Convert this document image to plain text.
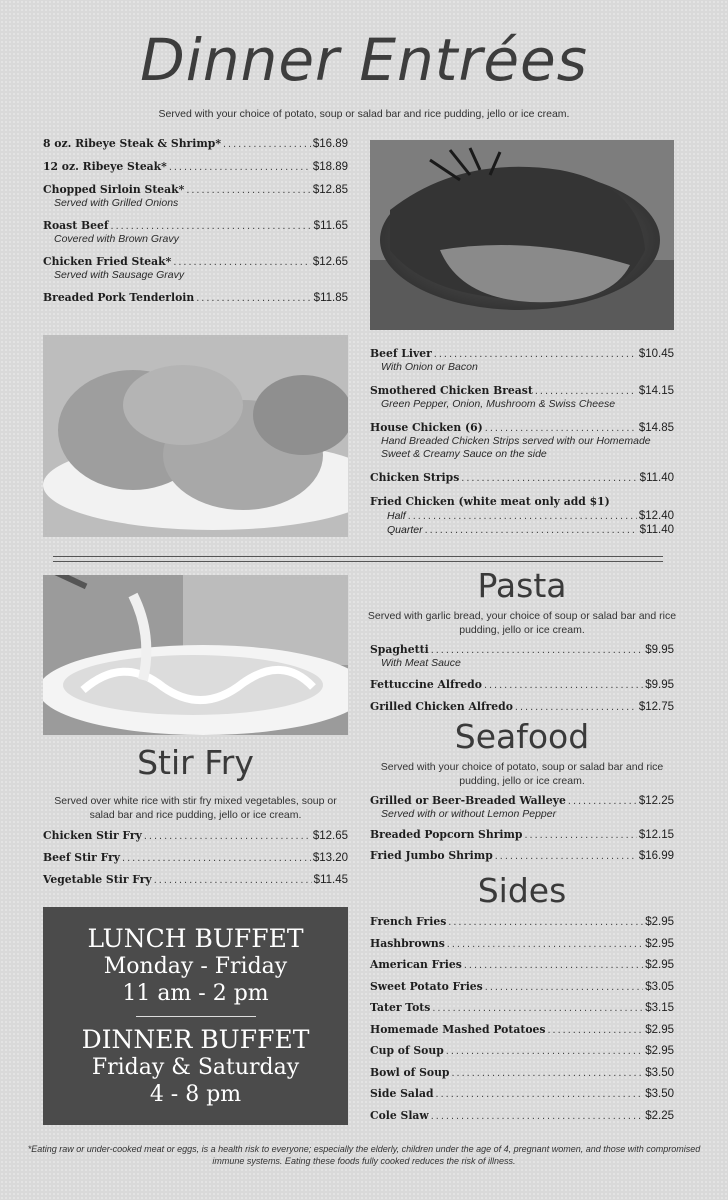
Dinner Entrées
Served with your choice of potato, soup or salad bar and rice pudding, jello or ice cream.
8 oz. Ribeye Steak & Shrimp* .....	$16.89
12 oz. Ribeye Steak* .....	$18.89
Chopped Sirloin Steak* .....	$12.85
Served with Grilled Onions
Roast Beef .....	$11.65
Covered with Brown Gravy
Chicken Fried Steak* .....	$12.65
Served with Sausage Gravy
Breaded Pork Tenderloin .....	$11.85
Beef Liver .....	$10.45
With Onion or Bacon
Smothered Chicken Breast .....	$14.15
Green Pepper, Onion, Mushroom & Swiss Cheese
House Chicken (6) .....	$14.85
Hand Breaded Chicken Strips served with our Homemade Sweet & Creamy Sauce on the side
Chicken Strips .....	$11.40
Fried Chicken (white meat only add $1)
Half .....	$12.40
Quarter .....	$11.40
Pasta
Served with garlic bread, your choice of soup or salad bar and rice pudding, jello or ice cream.
Spaghetti .....	$9.95
With Meat Sauce
Fettuccine Alfredo .....	$9.95
Grilled Chicken Alfredo .....	$12.75
Seafood
Served with your choice of potato, soup or salad bar and rice pudding, jello or ice cream.
Grilled or Beer-Breaded Walleye .....	$12.25
Served with or without Lemon Pepper
Breaded Popcorn Shrimp .....	$12.15
Fried Jumbo Shrimp .....	$16.99
Stir Fry
Served over white rice with stir fry mixed vegetables, soup or salad bar and rice pudding, jello or ice cream.
Chicken Stir Fry .....	$12.65
Beef Stir Fry .....	$13.20
Vegetable Stir Fry .....	$11.45	Sides
French Fries .....	$2.95
Hashbrowns .....	$2.95
American Fries .....	$2.95
Sweet Potato Fries .....	$3.05
Tater Tots .....	$3.15
Homemade Mashed Potatoes .....	$2.95
Cup of Soup .....	$2.95
Bowl of Soup .....	$3.50
Side Salad .....	$3.50
Cole Slaw .....	$2.25
LUNCH BUFFET
Monday - Friday
11 am - 2 pm
DINNER BUFFET
Friday & Saturday
4 - 8 pm
*Eating raw or under-cooked meat or eggs, is a health risk to everyone; especially the elderly, children under the age of 4, pregnant women, and those with compromised immune systems. Eating these foods fully cooked reduces the risk of illness.
